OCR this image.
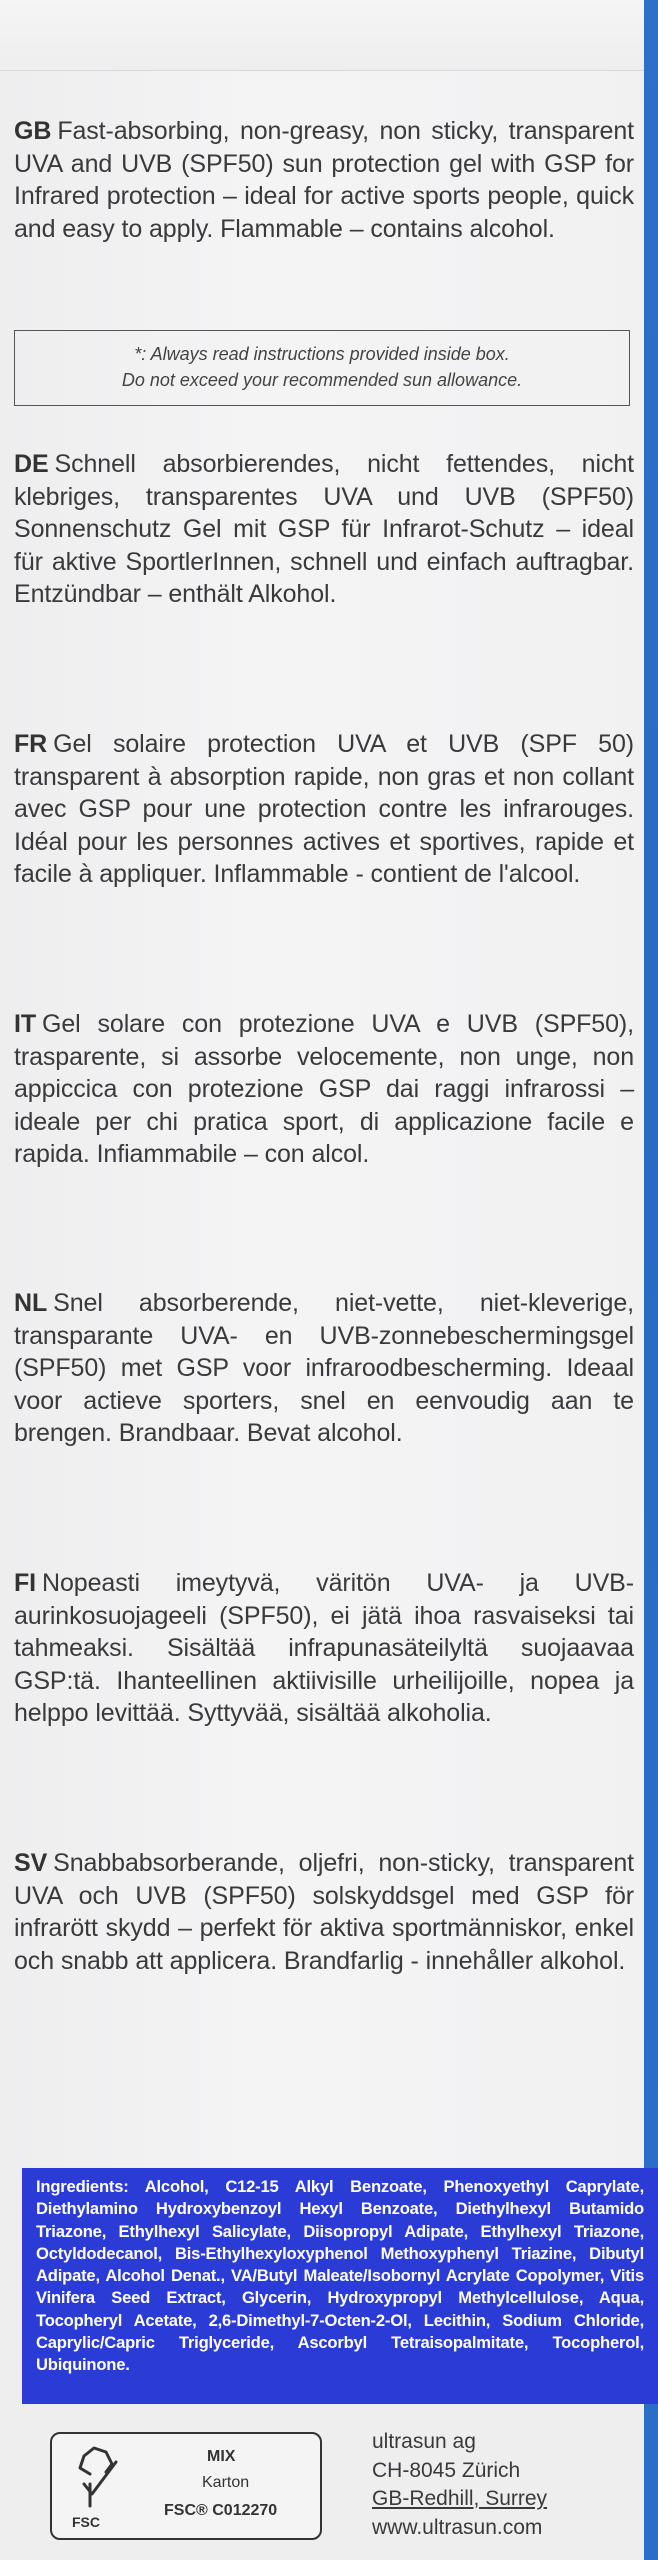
GB Fast-absorbing, non-greasy, non sticky, transparent UVA and UVB (SPF50) sun protection gel with GSP for Infrared protection – ideal for active sports people, quick and easy to apply. Flammable – contains alcohol.
*: Always read instructions provided inside box.
Do not exceed your recommended sun allowance.
DE Schnell absorbierendes, nicht fettendes, nicht klebriges, transparentes UVA und UVB (SPF50) Sonnenschutz Gel mit GSP für Infrarot-Schutz – ideal für aktive SportlerInnen, schnell und einfach auftragbar. Entzündbar – enthält Alkohol.
FR Gel solaire protection UVA et UVB (SPF 50) transparent à absorption rapide, non gras et non collant avec GSP pour une protection contre les infrarouges. Idéal pour les personnes actives et sportives, rapide et facile à appliquer. Inflammable - contient de l'alcool.
IT Gel solare con protezione UVA e UVB (SPF50), trasparente, si assorbe velocemente, non unge, non appiccica con protezione GSP dai raggi infrarossi – ideale per chi pratica sport, di applicazione facile e rapida. Infiammabile – con alcol.
NL Snel absorberende, niet-vette, niet-kleverige, transparante UVA- en UVB-zonnebeschermingsgel (SPF50) met GSP voor infraroodbescherming. Ideaal voor actieve sporters, snel en eenvoudig aan te brengen. Brandbaar. Bevat alcohol.
FI Nopeasti imeytyvä, väritön UVA- ja UVB-aurinkosuojageeli (SPF50), ei jätä ihoa rasvaiseksi tai tahmeaksi. Sisältää infrapunasäteilyltä suojaavaa GSP:tä. Ihanteellinen aktiivisille urheilijoille, nopea ja helppo levittää. Syttyvää, sisältää alkoholia.
SV Snabbabsorberande, oljefri, non-sticky, transparent UVA och UVB (SPF50) solskyddsgel med GSP för infrarött skydd – perfekt för aktiva sportmänniskor, enkel och snabb att applicera. Brandfarlig - innehåller alkohol.
Ingredients: Alcohol, C12-15 Alkyl Benzoate, Phenoxyethyl Caprylate, Diethylamino Hydroxybenzoyl Hexyl Benzoate, Diethylhexyl Butamido Triazone, Ethylhexyl Salicylate, Diisopropyl Adipate, Ethylhexyl Triazone, Octyldodecanol, Bis-Ethylhexyloxyphenol Methoxyphenyl Triazine, Dibutyl Adipate, Alcohol Denat., VA/Butyl Maleate/Isobornyl Acrylate Copolymer, Vitis Vinifera Seed Extract, Glycerin, Hydroxypropyl Methylcellulose, Aqua, Tocopheryl Acetate, 2,6-Dimethyl-7-Octen-2-Ol, Lecithin, Sodium Chloride, Caprylic/Capric Triglyceride, Ascorbyl Tetraisopalmitate, Tocopherol, Ubiquinone.
FSC
MIX
Karton
FSC® C012270
ultrasun ag
CH-8045 Zürich
GB-Redhill, Surrey
www.ultrasun.com
